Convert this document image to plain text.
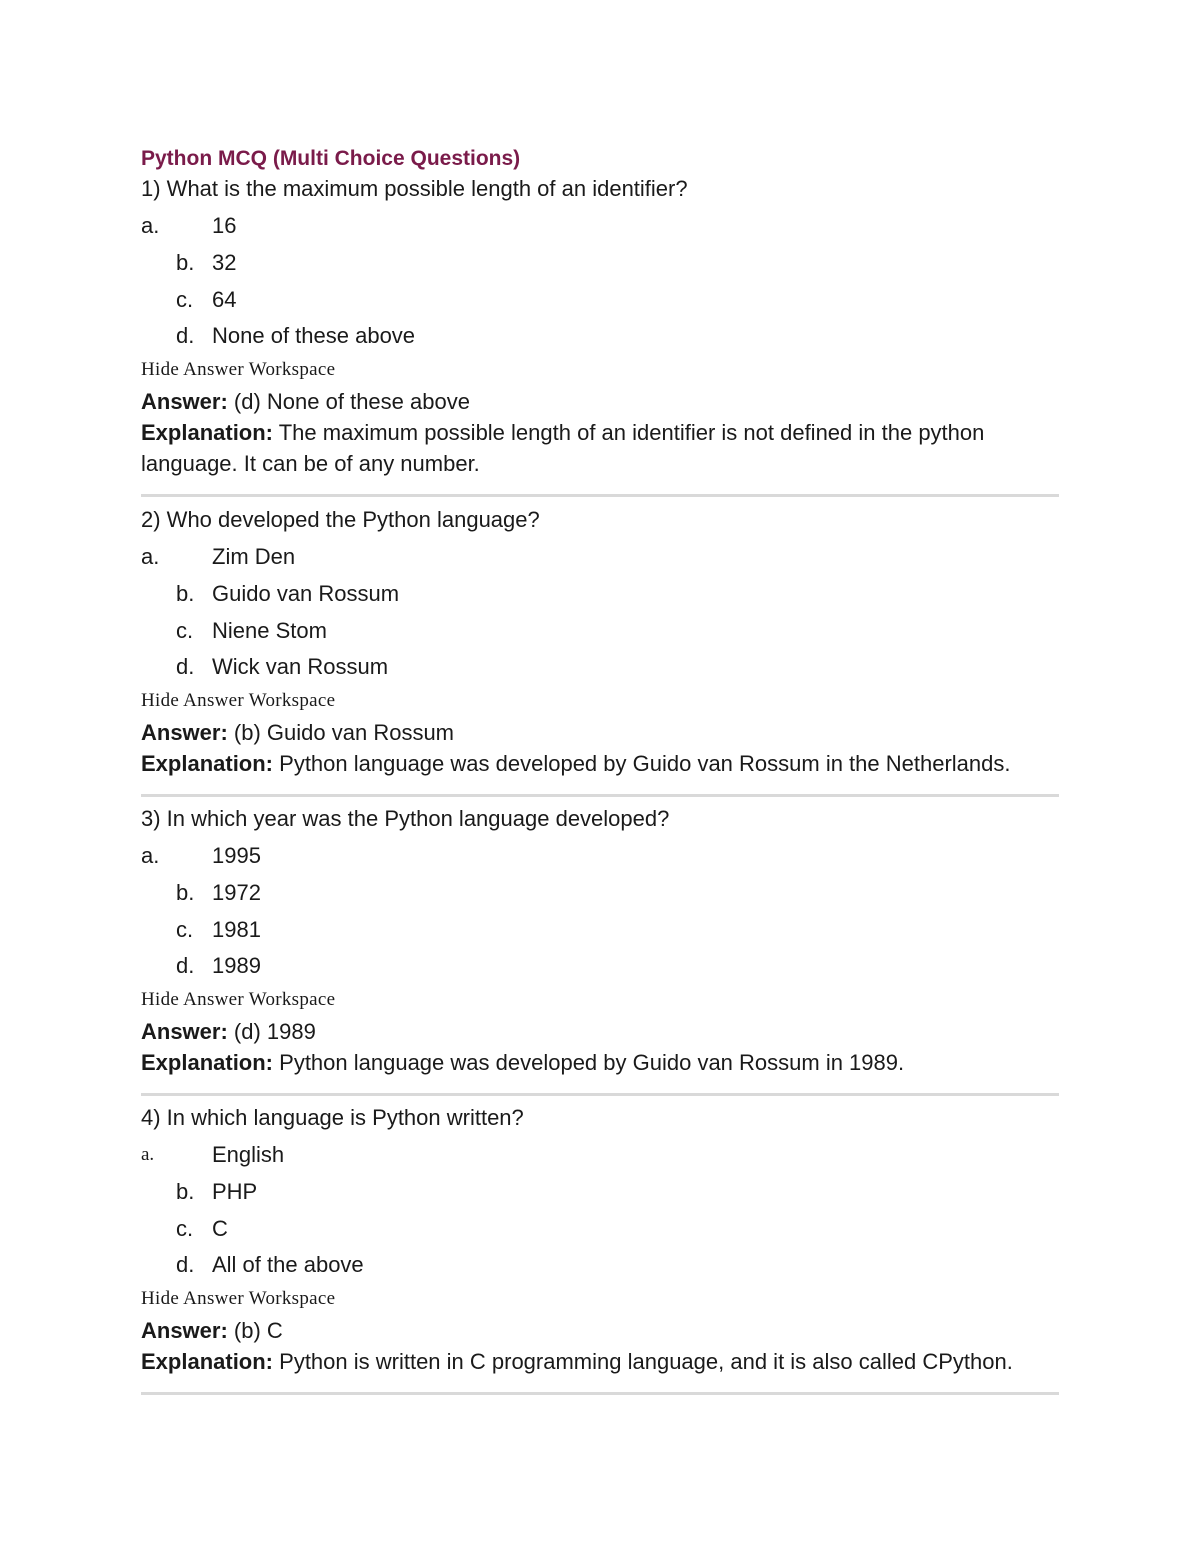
Python MCQ (Multi Choice Questions)

1) What is the maximum possible length of an identifier?

a. 16
b. 32
c. 64
d. None of these above

Hide Answer Workspace

Answer: (d) None of these above

Explanation: The maximum possible length of an identifier is not defined in the python language. It can be of any number.

2) Who developed the Python language?

a. Zim Den
b. Guido van Rossum
c. Niene Stom
d. Wick van Rossum

Hide Answer Workspace

Answer: (b) Guido van Rossum

Explanation: Python language was developed by Guido van Rossum in the Netherlands.

3) In which year was the Python language developed?

a. 1995
b. 1972
c. 1981
d. 1989

Hide Answer Workspace

Answer: (d) 1989

Explanation: Python language was developed by Guido van Rossum in 1989.

4) In which language is Python written?

a.	English
b. PHP
c. C
d. All of the above

Hide Answer Workspace

Answer: (b) C

Explanation: Python is written in C programming language, and it is also called CPython.
